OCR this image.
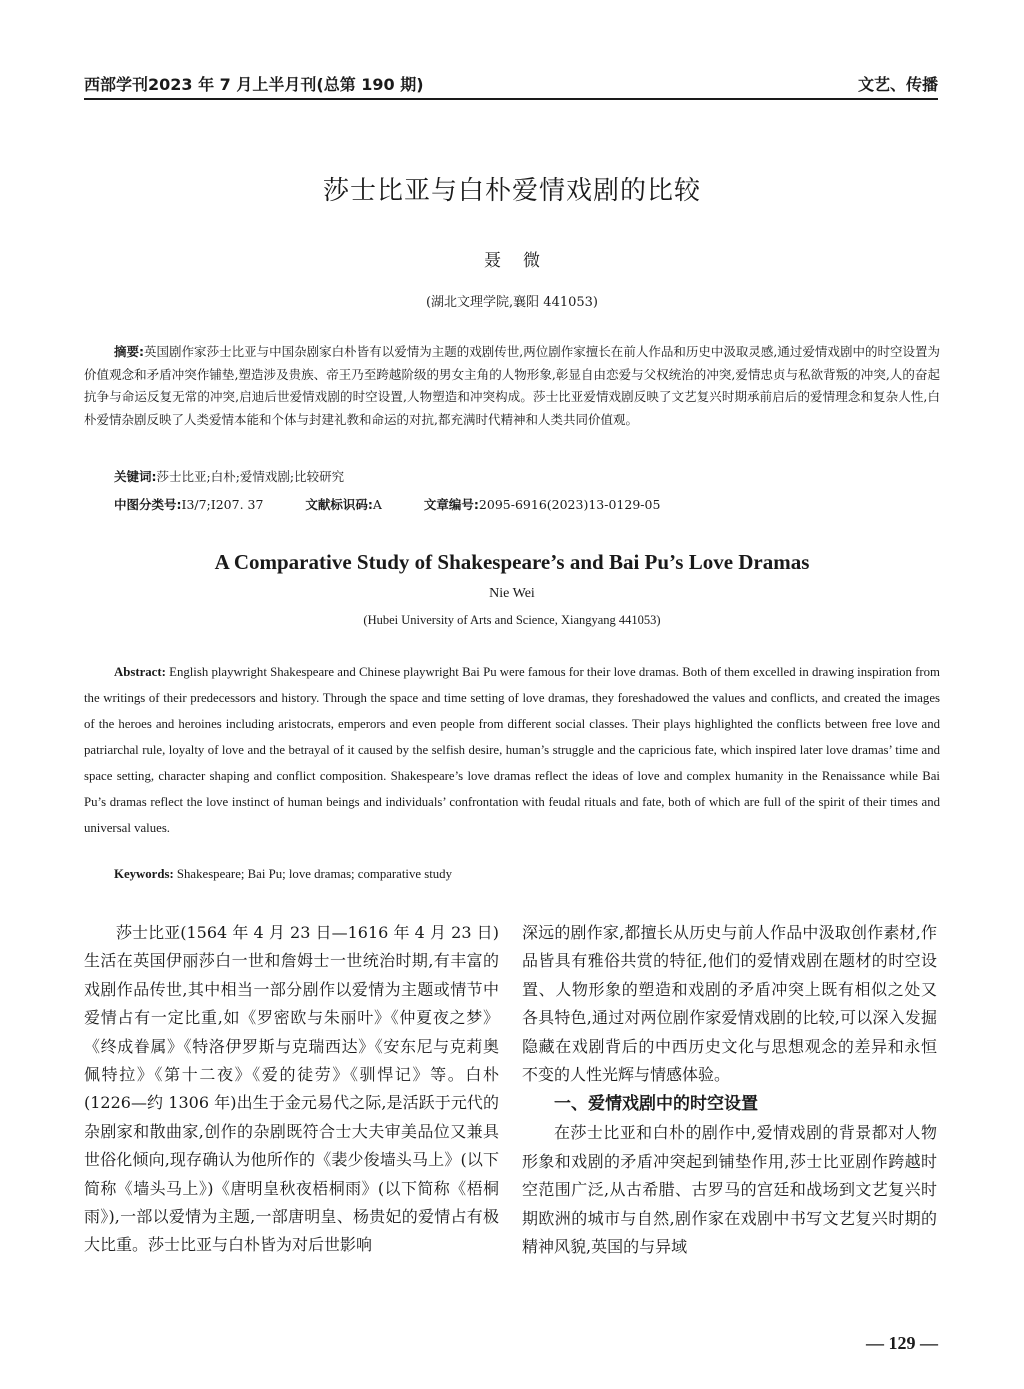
西部学刊2023 年 7 月上半月刊(总第 190 期)	文艺、传播
莎士比亚与白朴爱情戏剧的比较
聂微
(湖北文理学院,襄阳 441053)
摘要:英国剧作家莎士比亚与中国杂剧家白朴皆有以爱情为主题的戏剧传世,两位剧作家擅长在前人作品和历史中汲取灵感,通过爱情戏剧中的时空设置为价值观念和矛盾冲突作铺垫,塑造涉及贵族、帝王乃至跨越阶级的男女主角的人物形象,彰显自由恋爱与父权统治的冲突,爱情忠贞与私欲背叛的冲突,人的奋起抗争与命运反复无常的冲突,启迪后世爱情戏剧的时空设置,人物塑造和冲突构成。莎士比亚爱情戏剧反映了文艺复兴时期承前启后的爱情理念和复杂人性,白朴爱情杂剧反映了人类爱情本能和个体与封建礼教和命运的对抗,都充满时代精神和人类共同价值观。
关键词:莎士比亚;白朴;爱情戏剧;比较研究
中图分类号:I3/7;I207. 37	文献标识码:A	文章编号:2095-6916(2023)13-0129-05
A Comparative Study of Shakespeare’s and Bai Pu’s Love Dramas
Nie Wei
(Hubei University of Arts and Science, Xiangyang 441053)
Abstract: English playwright Shakespeare and Chinese playwright Bai Pu were famous for their love dramas. Both of them excelled in drawing inspiration from the writings of their predecessors and history. Through the space and time setting of love dramas, they foreshadowed the values and conflicts, and created the images of the heroes and heroines including aristocrats, emperors and even people from different social classes. Their plays highlighted the conflicts between free love and patriarchal rule, loyalty of love and the betrayal of it caused by the selfish desire, human’s struggle and the capricious fate, which inspired later love dramas’ time and space setting, character shaping and conflict composition. Shakespeare’s love dramas reflect the ideas of love and complex humanity in the Renaissance while Bai Pu’s dramas reflect the love instinct of human beings and individuals’ confrontation with feudal rituals and fate, both of which are full of the spirit of their times and universal values.
Keywords: Shakespeare; Bai Pu; love dramas; comparative study

莎士比亚(1564 年 4 月 23 日—1616 年 4 月 23 日)生活在英国伊丽莎白一世和詹姆士一世统治时期,有丰富的戏剧作品传世,其中相当一部分剧作以爱情为主题或情节中爱情占有一定比重,如《罗密欧与朱丽叶》《仲夏夜之梦》《终成眷属》《特洛伊罗斯与克瑞西达》《安东尼与克莉奥佩特拉》《第十二夜》《爱的徒劳》《驯悍记》等。白朴(1226—约 1306 年)出生于金元易代之际,是活跃于元代的杂剧家和散曲家,创作的杂剧既符合士大夫审美品位又兼具世俗化倾向,现存确认为他所作的《裴少俊墙头马上》(以下简称《墙头马上》)《唐明皇秋夜梧桐雨》(以下简称《梧桐雨》),一部以爱情为主题,一部唐明皇、杨贵妃的爱情占有极大比重。莎士比亚与白朴皆为对后世影响

深远的剧作家,都擅长从历史与前人作品中汲取创作素材,作品皆具有雅俗共赏的特征,他们的爱情戏剧在题材的时空设置、人物形象的塑造和戏剧的矛盾冲突上既有相似之处又各具特色,通过对两位剧作家爱情戏剧的比较,可以深入发掘隐藏在戏剧背后的中西历史文化与思想观念的差异和永恒不变的人性光辉与情感体验。

一、爱情戏剧中的时空设置

在莎士比亚和白朴的剧作中,爱情戏剧的背景都对人物形象和戏剧的矛盾冲突起到铺垫作用,莎士比亚剧作跨越时空范围广泛,从古希腊、古罗马的宫廷和战场到文艺复兴时期欧洲的城市与自然,剧作家在戏剧中书写文艺复兴时期的精神风貌,英国的与异域

— 129 —
